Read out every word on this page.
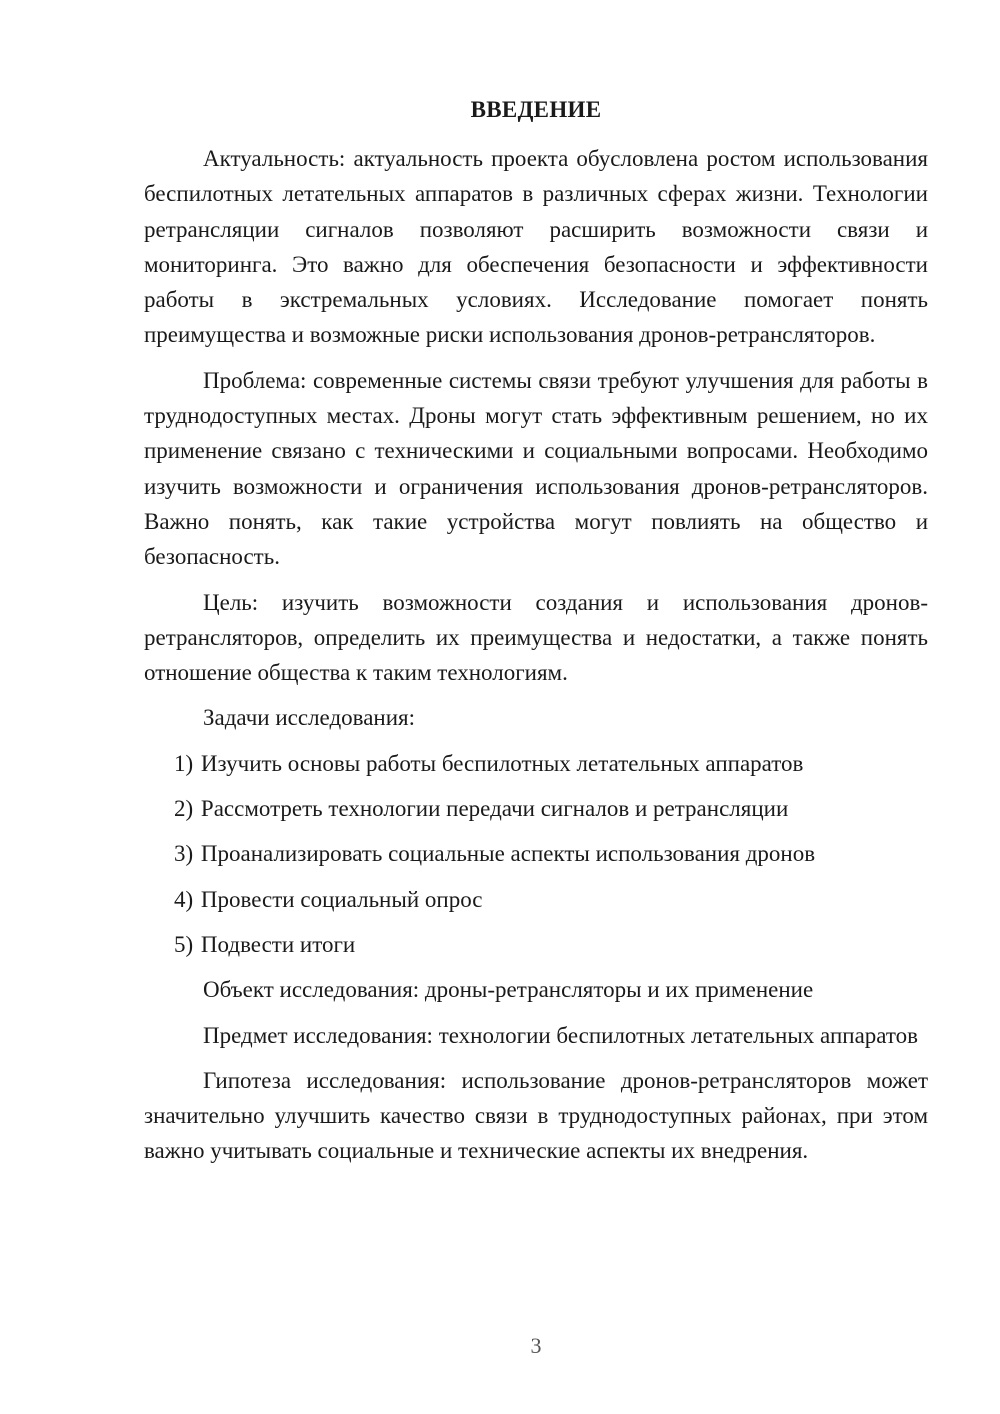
ВВЕДЕНИЕ

Актуальность: актуальность проекта обусловлена ростом использования беспилотных летательных аппаратов в различных сферах жизни. Технологии ретрансляции сигналов позволяют расширить возможности связи и мониторинга. Это важно для обеспечения безопасности и эффективности работы в экстремальных условиях. Исследование помогает понять преимущества и возможные риски использования дронов-ретрансляторов.

Проблема: современные системы связи требуют улучшения для работы в труднодоступных местах. Дроны могут стать эффективным решением, но их применение связано с техническими и социальными вопросами. Необходимо изучить возможности и ограничения использования дронов-ретрансляторов. Важно понять, как такие устройства могут повлиять на общество и безопасность.

Цель: изучить возможности создания и использования дронов-ретрансляторов, определить их преимущества и недостатки, а также понять отношение общества к таким технологиям.

Задачи исследования:

1) Изучить основы работы беспилотных летательных аппаратов
2) Рассмотреть технологии передачи сигналов и ретрансляции
3) Проанализировать социальные аспекты использования дронов
4) Провести социальный опрос
5) Подвести итоги

Объект исследования: дроны-ретрансляторы и их применение

Предмет исследования: технологии беспилотных летательных аппаратов

Гипотеза исследования: использование дронов-ретрансляторов может значительно улучшить качество связи в труднодоступных районах, при этом важно учитывать социальные и технические аспекты их внедрения.

3
